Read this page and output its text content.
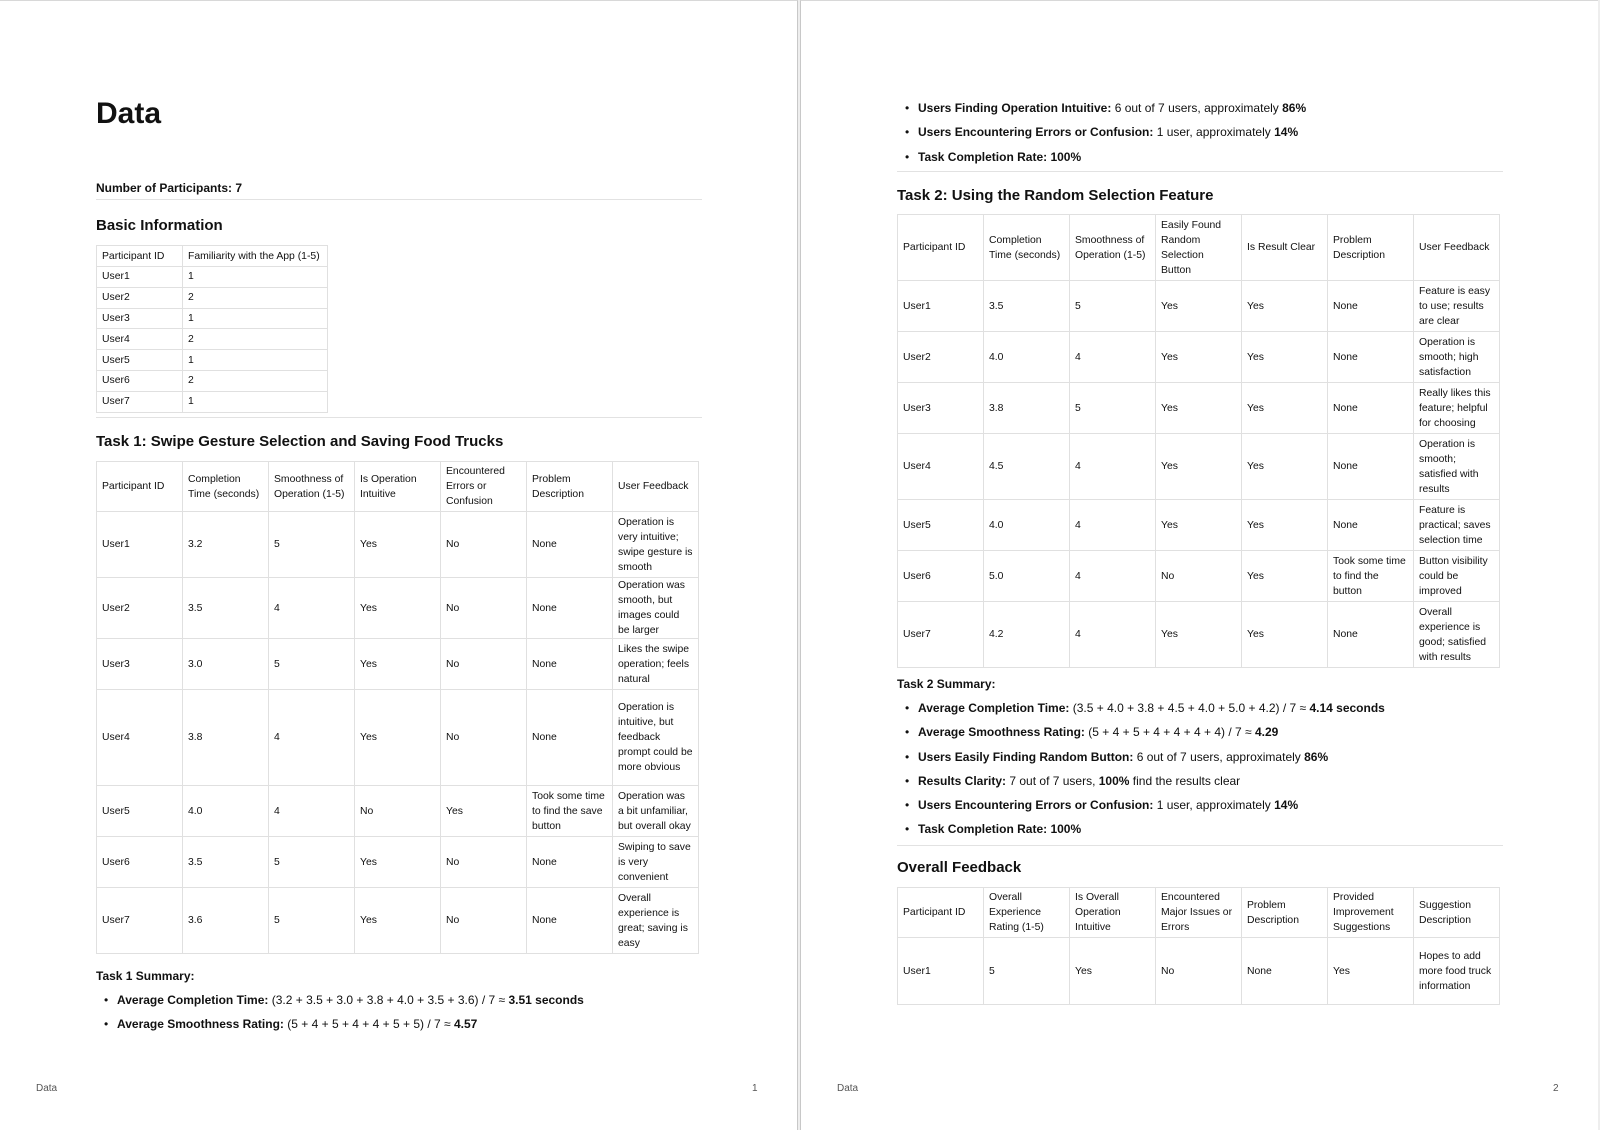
Data
Number of Participants: 7
Basic Information
Participant ID	Familiarity with the App (1-5)
User1	1
User2	2
User3	1
User4	2
User5	1
User6	2
User7	1
Task 1: Swipe Gesture Selection and Saving Food Trucks
Participant ID	Completion Time (seconds)	Smoothness of Operation (1-5)	Is Operation Intuitive	Encountered Errors or Confusion	Problem Description	User Feedback
User1	3.2	5	Yes	No	None	Operation is very intuitive; swipe gesture is smooth
User2	3.5	4	Yes	No	None	Operation was smooth, but images could be larger
User3	3.0	5	Yes	No	None	Likes the swipe operation; feels natural
User4	3.8	4	Yes	No	None	Operation is intuitive, but feedback prompt could be more obvious
User5	4.0	4	No	Yes	Took some time to find the save button	Operation was a bit unfamiliar, but overall okay
User6	3.5	5	Yes	No	None	Swiping to save is very convenient
User7	3.6	5	Yes	No	None	Overall experience is great; saving is easy
Task 1 Summary:
• Average Completion Time: (3.2 + 3.5 + 3.0 + 3.8 + 4.0 + 3.5 + 3.6) / 7 ≈ 3.51 seconds
• Average Smoothness Rating: (5 + 4 + 5 + 4 + 4 + 5 + 5) / 7 ≈ 4.57
Data	1
• Users Finding Operation Intuitive: 6 out of 7 users, approximately 86%
• Users Encountering Errors or Confusion: 1 user, approximately 14%
• Task Completion Rate: 100%
Task 2: Using the Random Selection Feature
Participant ID	Completion Time (seconds)	Smoothness of Operation (1-5)	Easily Found Random Selection Button	Is Result Clear	Problem Description	User Feedback
User1	3.5	5	Yes	Yes	None	Feature is easy to use; results are clear
User2	4.0	4	Yes	Yes	None	Operation is smooth; high satisfaction
User3	3.8	5	Yes	Yes	None	Really likes this feature; helpful for choosing
User4	4.5	4	Yes	Yes	None	Operation is smooth; satisfied with results
User5	4.0	4	Yes	Yes	None	Feature is practical; saves selection time
User6	5.0	4	No	Yes	Took some time to find the button	Button visibility could be improved
User7	4.2	4	Yes	Yes	None	Overall experience is good; satisfied with results
Task 2 Summary:
• Average Completion Time: (3.5 + 4.0 + 3.8 + 4.5 + 4.0 + 5.0 + 4.2) / 7 ≈ 4.14 seconds
• Average Smoothness Rating: (5 + 4 + 5 + 4 + 4 + 4 + 4) / 7 ≈ 4.29
• Users Easily Finding Random Button: 6 out of 7 users, approximately 86%
• Results Clarity: 7 out of 7 users, 100% find the results clear
• Users Encountering Errors or Confusion: 1 user, approximately 14%
• Task Completion Rate: 100%
Overall Feedback
Participant ID	Overall Experience Rating (1-5)	Is Overall Operation Intuitive	Encountered Major Issues or Errors	Problem Description	Provided Improvement Suggestions	Suggestion Description
User1	5	Yes	No	None	Yes	Hopes to add more food truck information
Data	2
